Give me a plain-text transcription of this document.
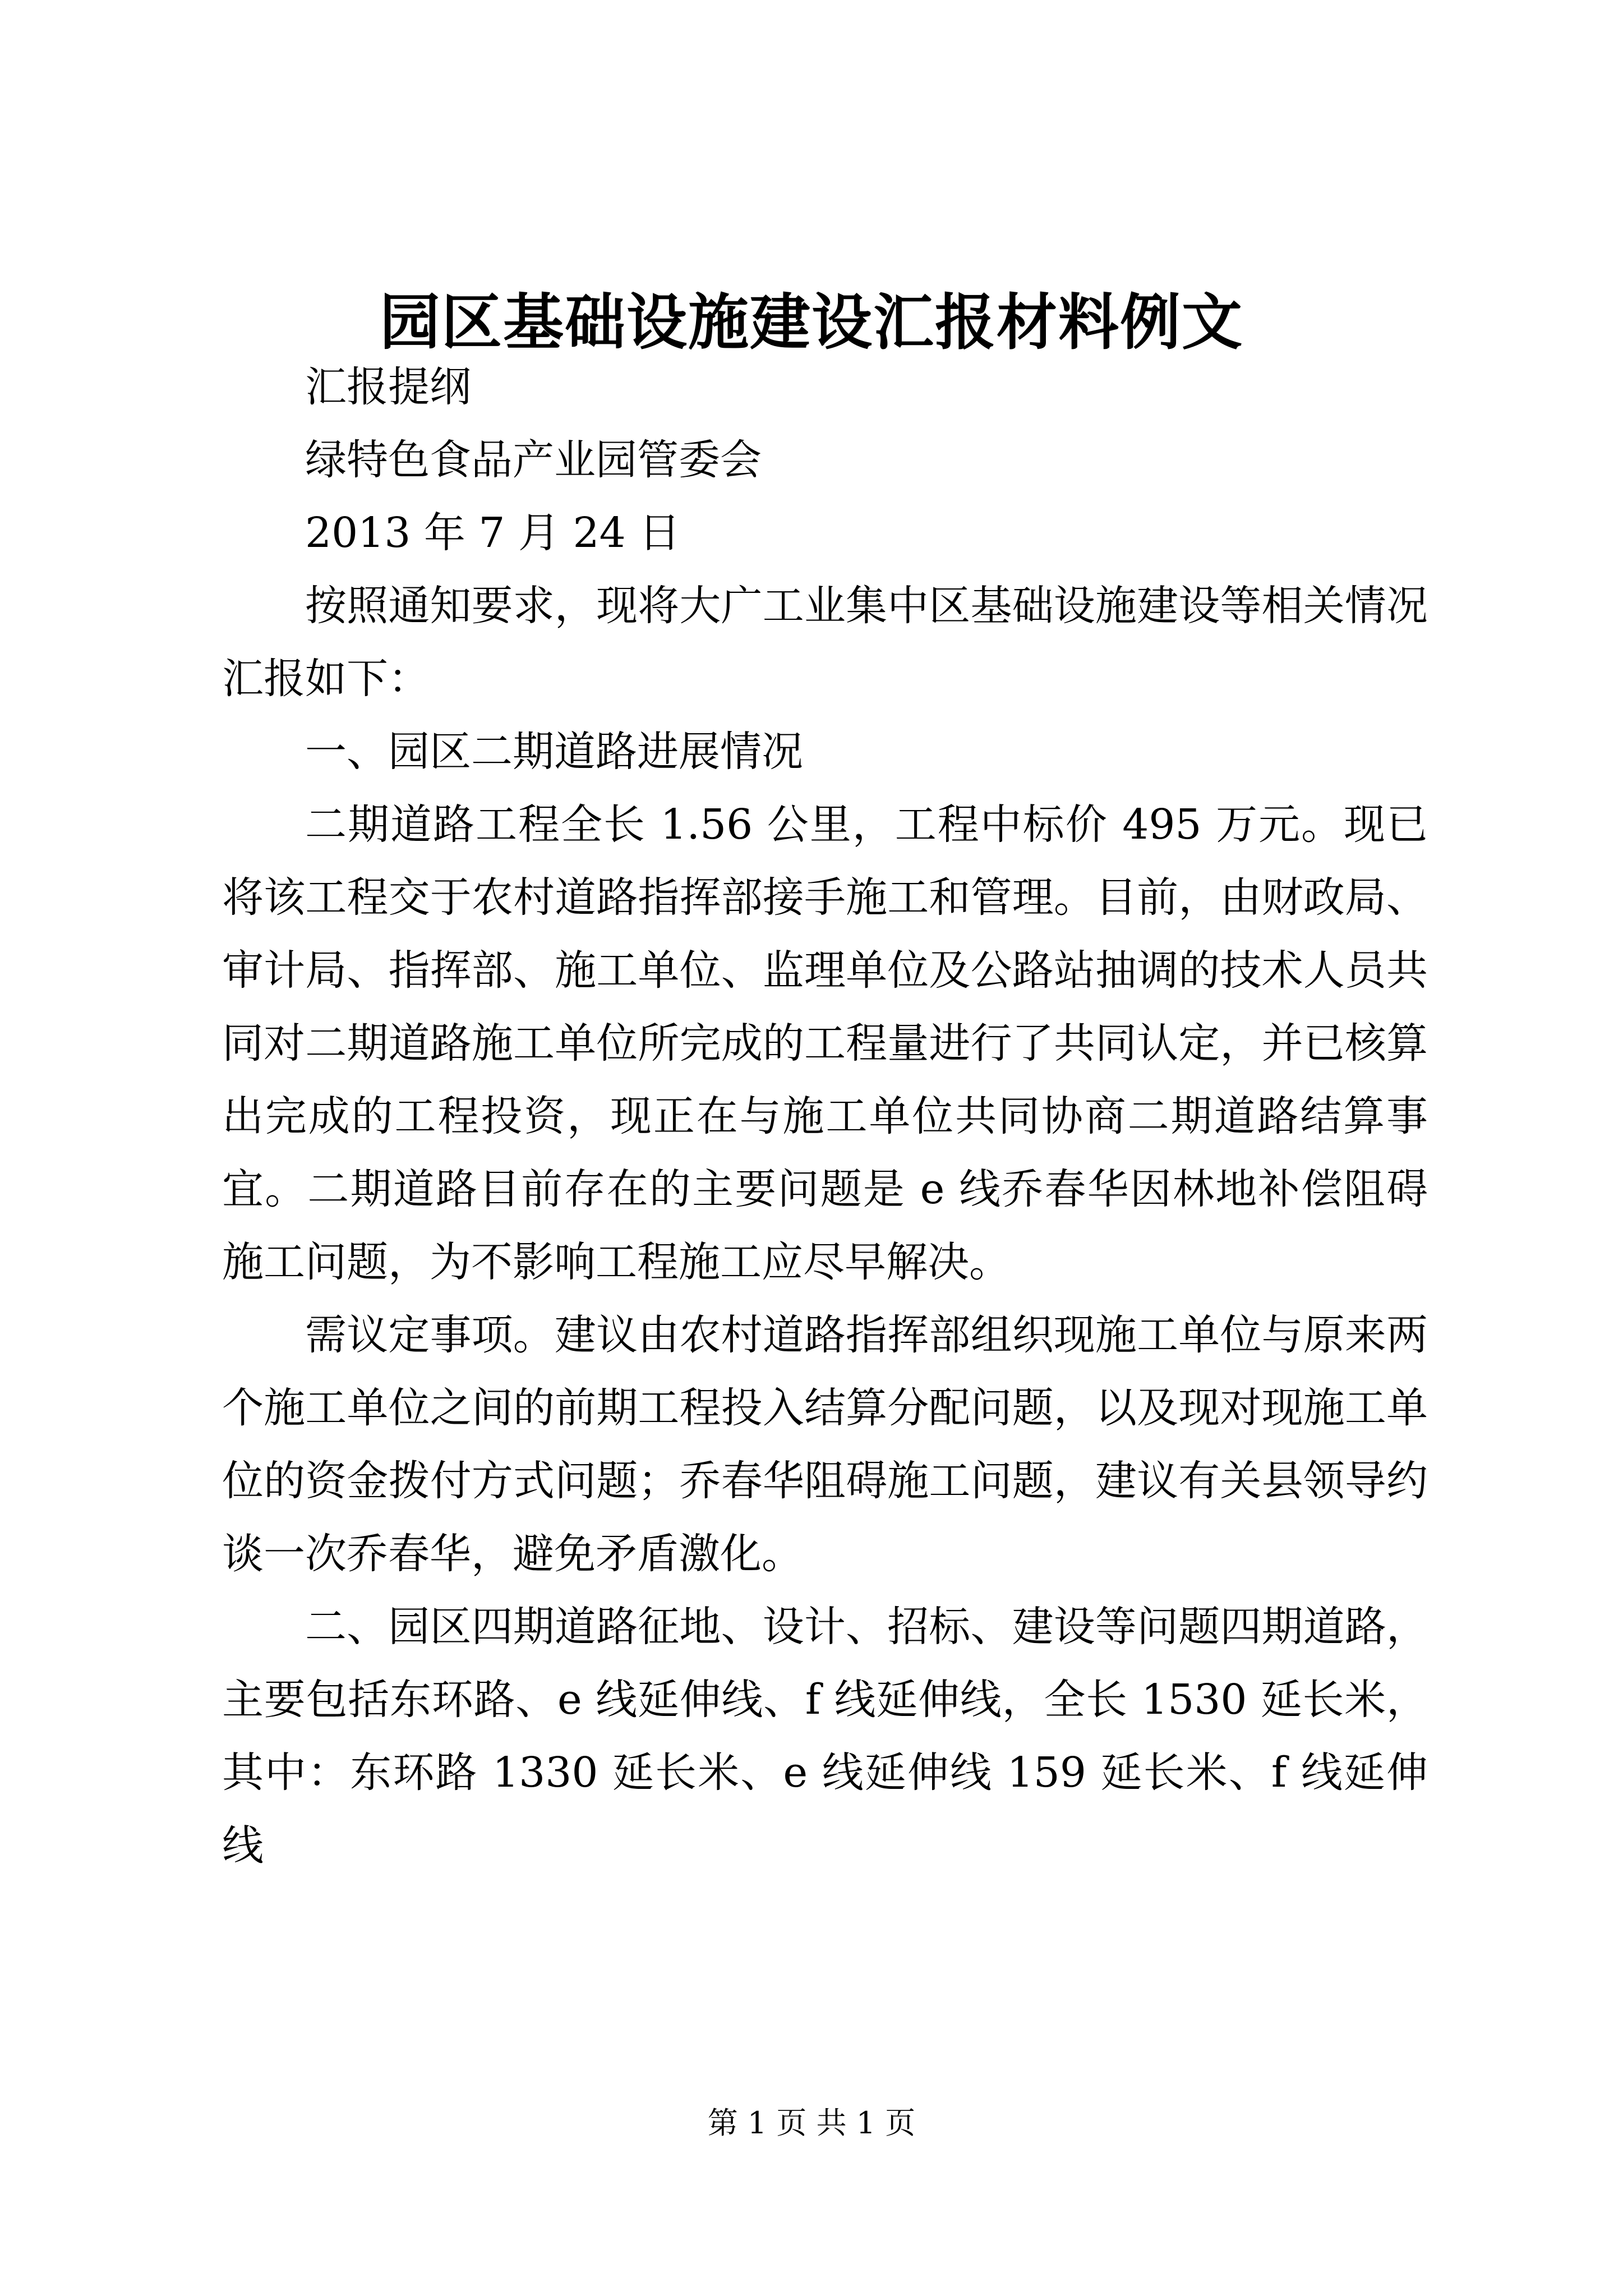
园区基础设施建设汇报材料例文

汇报提纲

绿特色食品产业园管委会

2013 年 7 月 24 日

按照通知要求，现将大广工业集中区基础设施建设等相关情况汇报如下：

一、园区二期道路进展情况

二期道路工程全长 1.56 公里，工程中标价 495 万元。现已将该工程交于农村道路指挥部接手施工和管理。目前，由财政局、审计局、指挥部、施工单位、监理单位及公路站抽调的技术人员共同对二期道路施工单位所完成的工程量进行了共同认定，并已核算出完成的工程投资，现正在与施工单位共同协商二期道路结算事宜。二期道路目前存在的主要问题是 e 线乔春华因林地补偿阻碍施工问题，为不影响工程施工应尽早解决。

需议定事项。建议由农村道路指挥部组织现施工单位与原来两个施工单位之间的前期工程投入结算分配问题，以及现对现施工单位的资金拨付方式问题；乔春华阻碍施工问题，建议有关县领导约谈一次乔春华，避免矛盾激化。

二、园区四期道路征地、设计、招标、建设等问题四期道路，主要包括东环路、e 线延伸线、f 线延伸线，全长 1530 延长米，其中：东环路 1330 延长米、e 线延伸线 159 延长米、f 线延伸线

第 1 页 共 1 页
